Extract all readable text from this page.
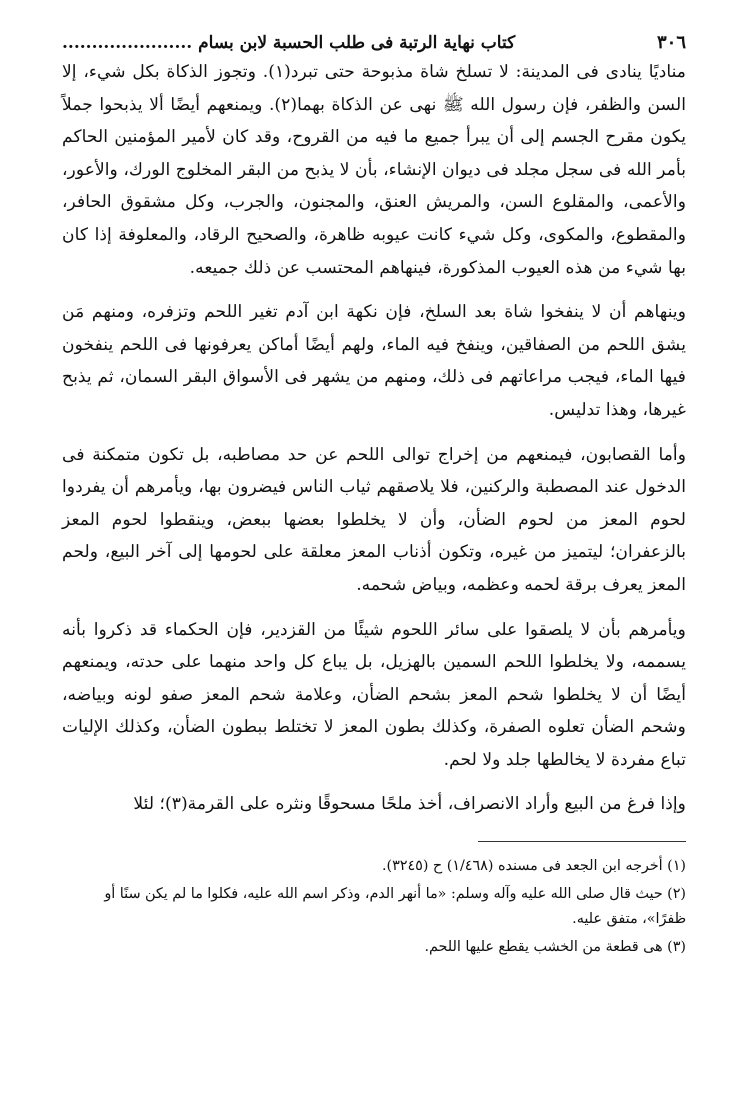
٣٠٦
كتاب نهاية الرتبة فى طلب الحسبة لابن بسام ......................

مناديًا ينادى فى المدينة: لا تسلخ شاة مذبوحة حتى تبرد(١). وتجوز الذكاة بكل شيء، إلا السن والظفر، فإن رسول الله ﷺ نهى عن الذكاة بهما(٢). ويمنعهم أيضًا ألا يذبحوا جملاً يكون مقرح الجسم إلى أن يبرأ جميع ما فيه من القروح، وقد كان لأمير المؤمنين الحاكم بأمر الله فى سجل مجلد فى ديوان الإنشاء، بأن لا يذبح من البقر المخلوج الورك، والأعور، والأعمى، والمقلوع السن، والمريش العنق، والمجنون، والجرب، وكل مشقوق الحافر، والمقطوع، والمكوى، وكل شيء كانت عيوبه ظاهرة، والصحيح الرقاد، والمعلوفة إذا كان بها شيء من هذه العيوب المذكورة، فينهاهم المحتسب عن ذلك جميعه.

وينهاهم أن لا ينفخوا شاة بعد السلخ، فإن نكهة ابن آدم تغير اللحم وتزفره، ومنهم مَن يشق اللحم من الصفاقين، وينفخ فيه الماء، ولهم أيضًا أماكن يعرفونها فى اللحم ينفخون فيها الماء، فيجب مراعاتهم فى ذلك، ومنهم من يشهر فى الأسواق البقر السمان، ثم يذبح غيرها، وهذا تدليس.

وأما القصابون، فيمنعهم من إخراج توالى اللحم عن حد مصاطبه، بل تكون متمكنة فى الدخول عند المصطبة والركنين، فلا يلاصقهم ثياب الناس فيضرون بها، ويأمرهم أن يفردوا لحوم المعز من لحوم الضأن، وأن لا يخلطوا بعضها ببعض، وينقطوا لحوم المعز بالزعفران؛ ليتميز من غيره، وتكون أذناب المعز معلقة على لحومها إلى آخر البيع، ولحم المعز يعرف برقة لحمه وعظمه، وبياض شحمه.

ويأمرهم بأن لا يلصقوا على سائر اللحوم شيئًا من القزدير، فإن الحكماء قد ذكروا بأنه يسممه، ولا يخلطوا اللحم السمين بالهزيل، بل يباع كل واحد منهما على حدته، ويمنعهم أيضًا أن لا يخلطوا شحم المعز بشحم الضأن، وعلامة شحم المعز صفو لونه وبياضه، وشحم الضأن تعلوه الصفرة، وكذلك بطون المعز لا تختلط ببطون الضأن، وكذلك الإليات تباع مفردة لا يخالطها جلد ولا لحم.

وإذا فرغ من البيع وأراد الانصراف، أخذ ملحًا مسحوقًا ونثره على القرمة(٣)؛ لئلا

(١) أخرجه ابن الجعد فى مسنده (١/٤٦٨) ح (٣٢٤٥).

(٢) حيث قال صلى الله عليه وآله وسلم: «ما أنهر الدم، وذكر اسم الله عليه، فكلوا ما لم يكن سنًا أو ظفرًا»، متفق عليه.

(٣) هى قطعة من الخشب يقطع عليها اللحم.
